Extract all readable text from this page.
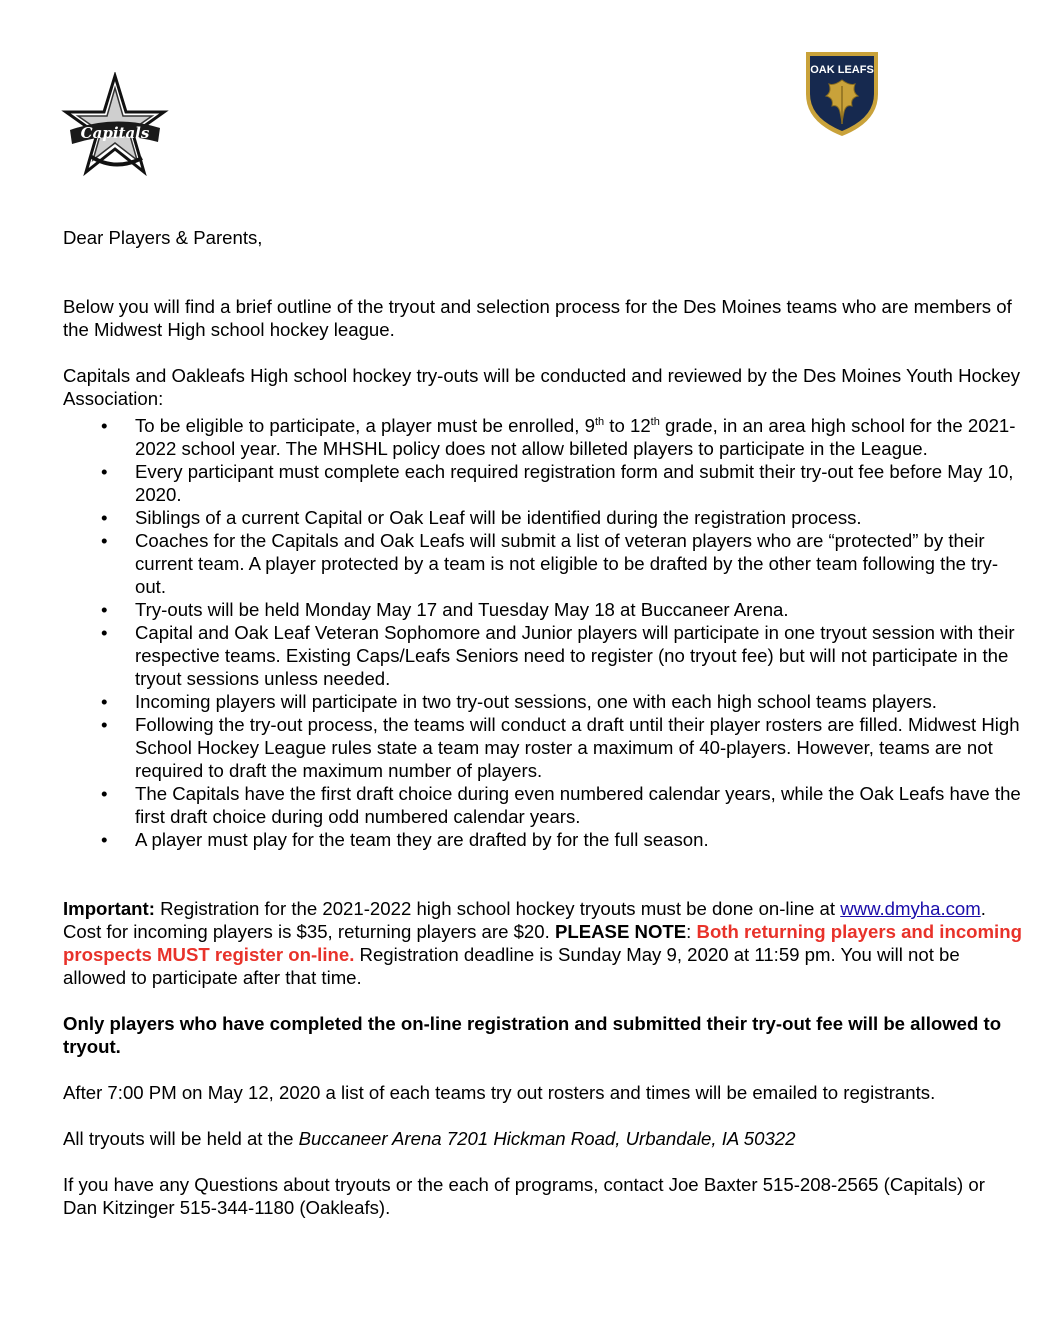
Capitals
OAK LEAFS

Dear Players & Parents,

Below you will find a brief outline of the tryout and selection process for the Des Moines teams who are members of the Midwest High school hockey league.

Capitals and Oakleafs High school hockey try-outs will be conducted and reviewed by the Des Moines Youth Hockey Association:

• To be eligible to participate, a player must be enrolled, 9th to 12th grade, in an area high school for the 2021-2022 school year. The MHSHL policy does not allow billeted players to participate in the League.
• Every participant must complete each required registration form and submit their try-out fee before May 10, 2020.
• Siblings of a current Capital or Oak Leaf will be identified during the registration process.
• Coaches for the Capitals and Oak Leafs will submit a list of veteran players who are “protected” by their current team. A player protected by a team is not eligible to be drafted by the other team following the try-out.
• Try-outs will be held Monday May 17 and Tuesday May 18 at Buccaneer Arena.
• Capital and Oak Leaf Veteran Sophomore and Junior players will participate in one tryout session with their respective teams. Existing Caps/Leafs Seniors need to register (no tryout fee) but will not participate in the tryout sessions unless needed.
• Incoming players will participate in two try-out sessions, one with each high school teams players.
• Following the try-out process, the teams will conduct a draft until their player rosters are filled. Midwest High School Hockey League rules state a team may roster a maximum of 40-players. However, teams are not required to draft the maximum number of players.
• The Capitals have the first draft choice during even numbered calendar years, while the Oak Leafs have the first draft choice during odd numbered calendar years.
• A player must play for the team they are drafted by for the full season.

Important: Registration for the 2021-2022 high school hockey tryouts must be done on-line at www.dmyha.com. Cost for incoming players is $35, returning players are $20. PLEASE NOTE: Both returning players and incoming prospects MUST register on-line. Registration deadline is Sunday May 9, 2020 at 11:59 pm. You will not be allowed to participate after that time.

Only players who have completed the on-line registration and submitted their try-out fee will be allowed to tryout.

After 7:00 PM on May 12, 2020 a list of each teams try out rosters and times will be emailed to registrants.

All tryouts will be held at the Buccaneer Arena 7201 Hickman Road, Urbandale, IA 50322

If you have any Questions about tryouts or the each of programs, contact Joe Baxter 515-208-2565 (Capitals) or Dan Kitzinger 515-344-1180 (Oakleafs).
